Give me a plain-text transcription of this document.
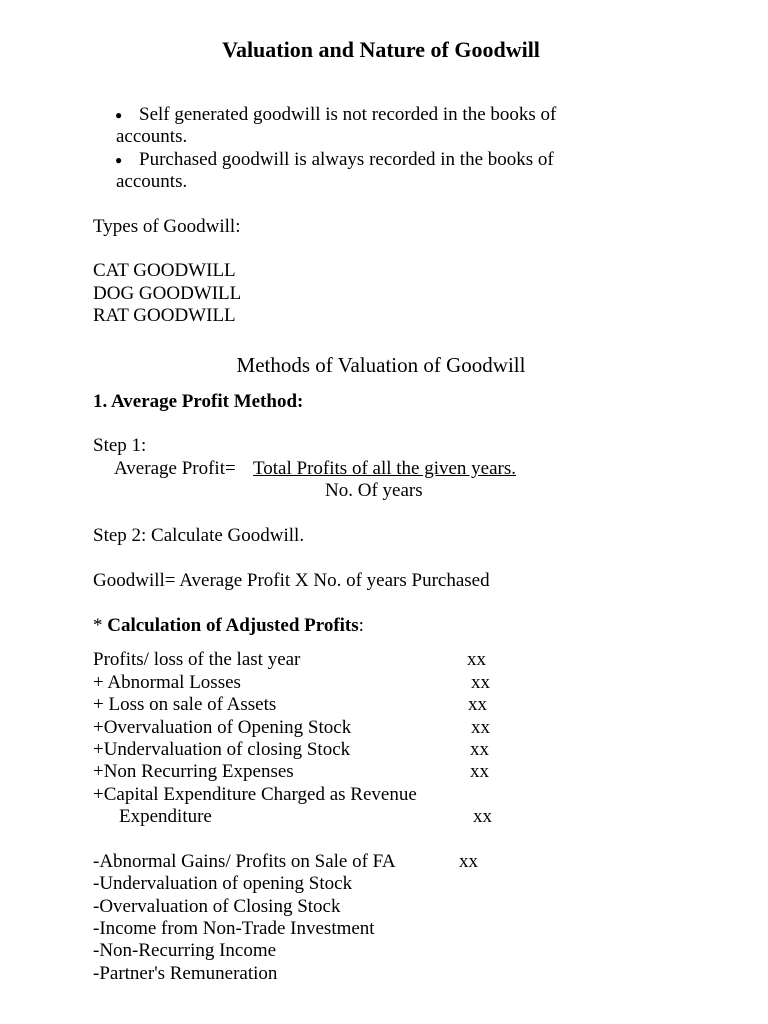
Valuation and Nature of Goodwill
● Self generated goodwill is not recorded in the books of
accounts.
● Purchased goodwill is always recorded in the books of
accounts.
Types of Goodwill:
CAT GOODWILL
DOG GOODWILL
RAT GOODWILL
Methods of Valuation of Goodwill
1. Average Profit Method:
Step 1:
Average Profit= Total Profits of all the given years.
No. Of years
Step 2: Calculate Goodwill.
Goodwill= Average Profit X No. of years Purchased
* Calculation of Adjusted Profits:
Profits/ loss of the last year	xx
+ Abnormal Losses	xx
+ Loss on sale of Assets	xx
+Overvaluation of Opening Stock	xx
+Undervaluation of closing Stock	xx
+Non Recurring Expenses	xx
+Capital Expenditure Charged as Revenue
Expenditure	xx
-Abnormal Gains/ Profits on Sale of FA	xx
-Undervaluation of opening Stock
-Overvaluation of Closing Stock
-Income from Non-Trade Investment
-Non-Recurring Income
-Partner's Remuneration
